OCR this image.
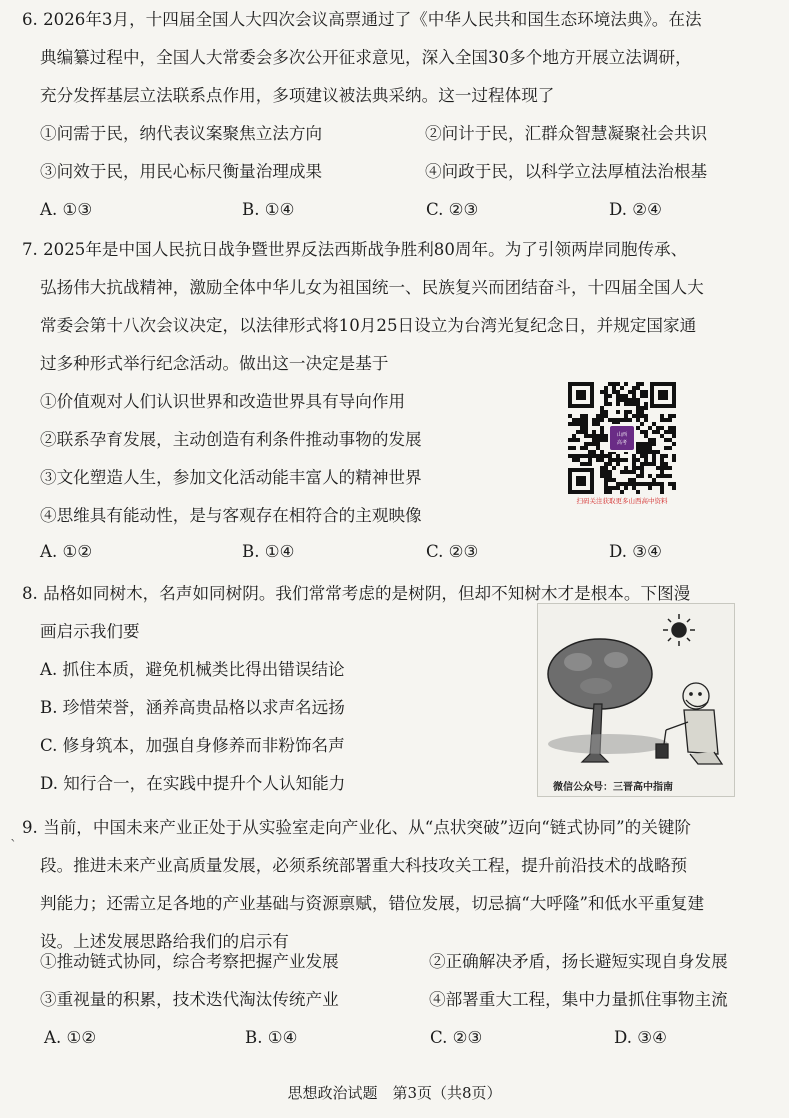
6. 2026年3月，十四届全国人大四次会议高票通过了《中华人民共和国生态环境法典》。在法
典编纂过程中，全国人大常委会多次公开征求意见，深入全国30多个地方开展立法调研，
充分发挥基层立法联系点作用，多项建议被法典采纳。这一过程体现了
①问需于民，纳代表议案聚焦立法方向	②问计于民，汇群众智慧凝聚社会共识
③问效于民，用民心标尺衡量治理成果	④问政于民，以科学立法厚植法治根基
A. ①③	B. ①④	C. ②③	D. ②④
7. 2025年是中国人民抗日战争暨世界反法西斯战争胜利80周年。为了引领两岸同胞传承、
弘扬伟大抗战精神，激励全体中华儿女为祖国统一、民族复兴而团结奋斗，十四届全国人大
常委会第十八次会议决定，以法律形式将10月25日设立为台湾光复纪念日，并规定国家通
过多种形式举行纪念活动。做出这一决定是基于
①价值观对人们认识世界和改造世界具有导向作用
②联系孕育发展，主动创造有利条件推动事物的发展
③文化塑造人生，参加文化活动能丰富人的精神世界
④思维具有能动性，是与客观存在相符合的主观映像
A. ①②	B. ①④	C. ②③	D. ③④
山西
高考
扫码关注获取更多山西高中资料
8. 品格如同树木，名声如同树阴。我们常常考虑的是树阴，但却不知树木才是根本。下图漫
画启示我们要
A. 抓住本质，避免机械类比得出错误结论
B. 珍惜荣誉，涵养高贵品格以求声名远扬
C. 修身筑本，加强自身修养而非粉饰名声
D. 知行合一，在实践中提升个人认知能力	微信公众号：三晋高中指南
`
9. 当前，中国未来产业正处于从实验室走向产业化、从“点状突破”迈向“链式协同”的关键阶
段。推进未来产业高质量发展，必须系统部署重大科技攻关工程，提升前沿技术的战略预
判能力；还需立足各地的产业基础与资源禀赋，错位发展，切忌搞“大呼隆”和低水平重复建
设。上述发展思路给我们的启示有
①推动链式协同，综合考察把握产业发展	②正确解决矛盾，扬长避短实现自身发展
③重视量的积累，技术迭代淘汰传统产业	④部署重大工程，集中力量抓住事物主流
A. ①②	B. ①④	C. ②③	D. ③④
思想政治试题　第3页（共8页）
